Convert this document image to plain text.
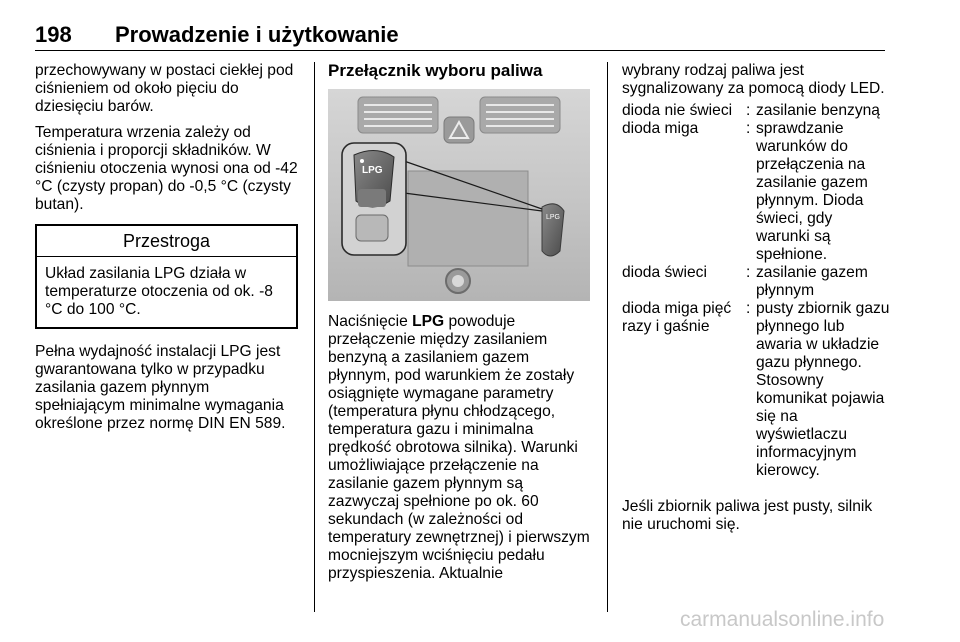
198 Prowadzenie i użytkowanie

przechowywany w postaci ciekłej pod ciśnieniem od około pięciu do dziesięciu barów.

Temperatura wrzenia zależy od ciśnienia i proporcji składników. W ciśnieniu otoczenia wynosi ona od -42 °C (czysty propan) do -0,5 °C (czysty butan).

Przestroga
Układ zasilania LPG działa w temperaturze otoczenia od ok. -8 °C do 100 °C.

Pełna wydajność instalacji LPG jest gwarantowana tylko w przypadku zasilania gazem płynnym spełniającym minimalne wymagania określone przez normę DIN EN 589.

Przełącznik wyboru paliwa
LPG
LPG

Naciśnięcie LPG powoduje przełączenie między zasilaniem benzyną a zasilaniem gazem płynnym, pod warunkiem że zostały osiągnięte wymagane parametry (temperatura płynu chłodzącego, temperatura gazu i minimalna prędkość obrotowa silnika). Warunki umożliwiające przełączenie na zasilanie gazem płynnym są zazwyczaj spełnione po ok. 60 sekundach (w zależności od temperatury zewnętrznej) i pierwszym mocniejszym wciśnięciu pedału przyspieszenia. Aktualnie

wybrany rodzaj paliwa jest sygnalizowany za pomocą diody LED.

dioda nie świeci : zasilanie benzyną
dioda miga	: sprawdzanie warunków do przełączenia na zasilanie gazem płynnym. Dioda świeci, gdy warunki są spełnione.
dioda świeci	: zasilanie gazem płynnym
dioda miga pięć razy i gaśnie
: pusty zbiornik gazu płynnego lub awaria w układzie gazu płynnego. Stosowny komunikat pojawia się na wyświetlaczu informacyjnym kierowcy.

Jeśli zbiornik paliwa jest pusty, silnik nie uruchomi się.

carmanualsonline.info
